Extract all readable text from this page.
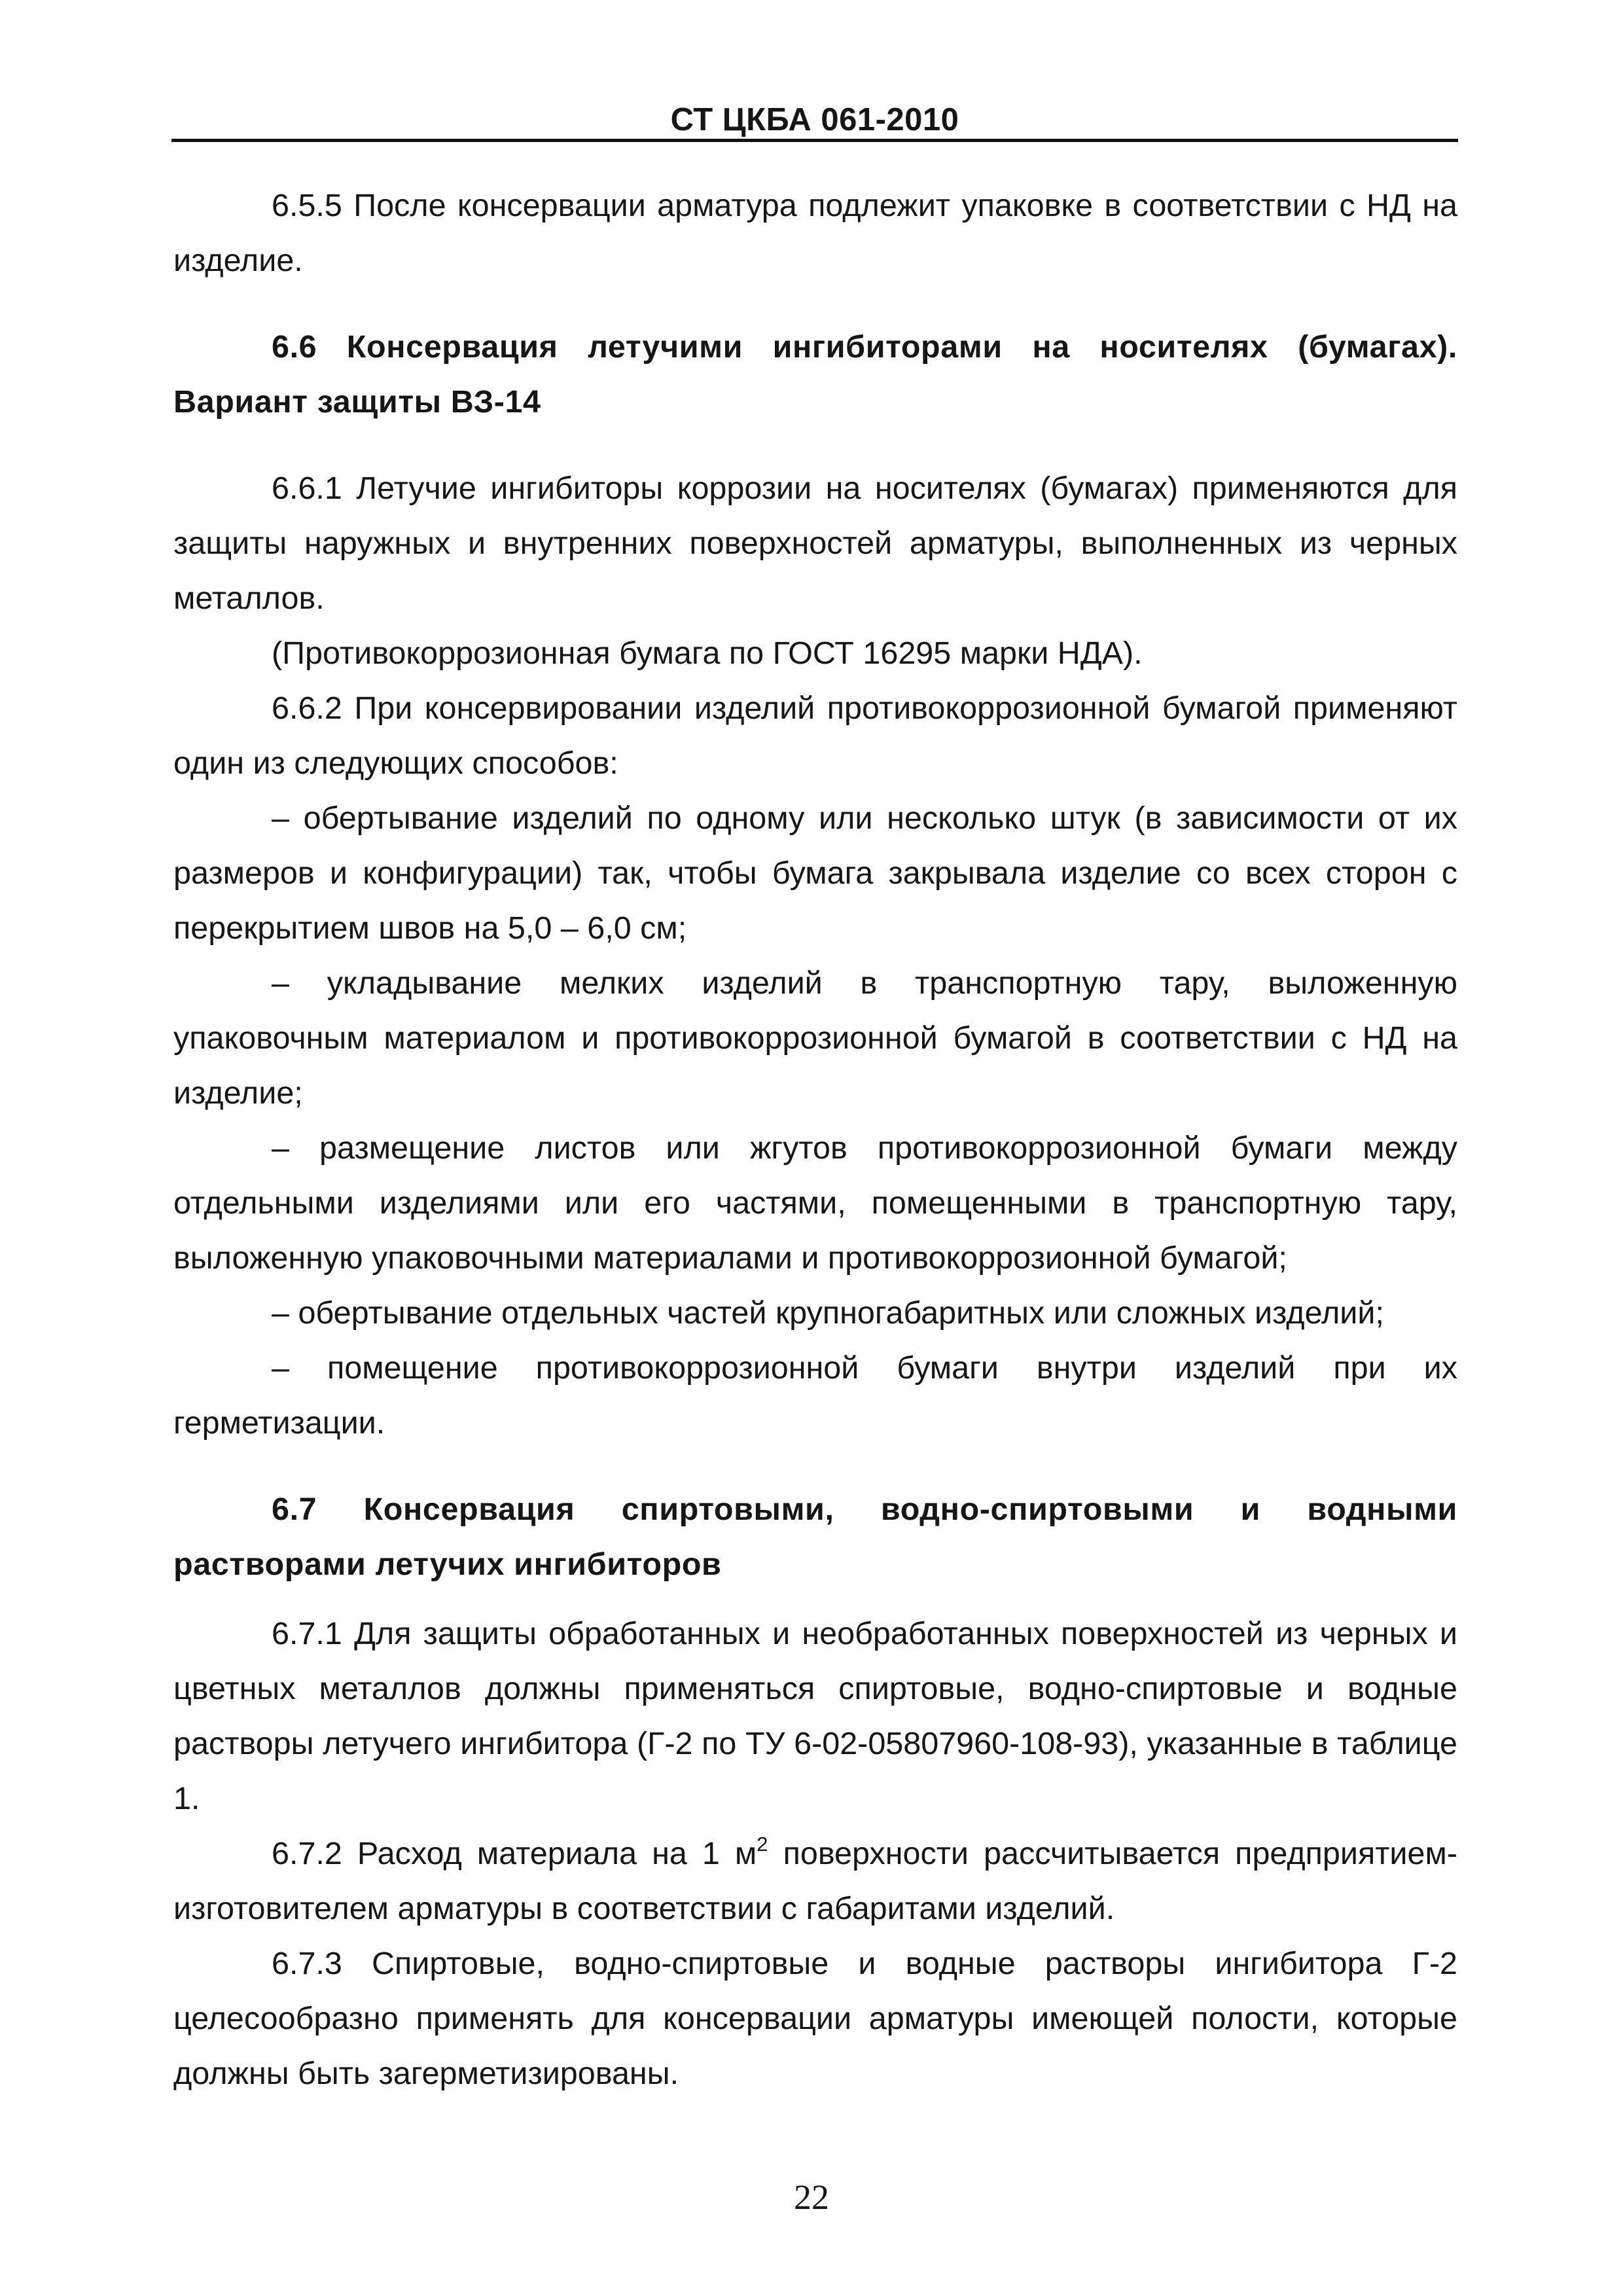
СТ ЦКБА 061-2010

6.5.5 После консервации арматура подлежит упаковке в соответствии с НД на изделие.

6.6 Консервация летучими ингибиторами на носителях (бумагах). Вариант защиты ВЗ-14

6.6.1 Летучие ингибиторы коррозии на носителях (бумагах) применяются для защиты наружных и внутренних поверхностей арматуры, выполненных из черных металлов.

(Противокоррозионная бумага по ГОСТ 16295 марки НДА).

6.6.2 При консервировании изделий противокоррозионной бумагой применяют один из следующих способов:

– обертывание изделий по одному или несколько штук (в зависимости от их размеров и конфигурации) так, чтобы бумага закрывала изделие со всех сторон с перекрытием швов на 5,0 – 6,0 см;

– укладывание мелких изделий в транспортную тару, выложенную упаковочным материалом и противокоррозионной бумагой в соответствии с НД на изделие;

– размещение листов или жгутов противокоррозионной бумаги между отдельными изделиями или его частями, помещенными в транспортную тару, выложенную упаковочными материалами и противокоррозионной бумагой;

– обертывание отдельных частей крупногабаритных или сложных изделий;

– помещение противокоррозионной бумаги внутри изделий при их герметизации.

6.7 Консервация спиртовыми, водно-спиртовыми и водными растворами летучих ингибиторов

6.7.1 Для защиты обработанных и необработанных поверхностей из черных и цветных металлов должны применяться спиртовые, водно-спиртовые и водные растворы летучего ингибитора (Г-2 по ТУ 6-02-05807960-108-93), указанные в таблице 1.

6.7.2 Расход материала на 1 $м^2$ поверхности рассчитывается предприятием-изготовителем арматуры в соответствии с габаритами изделий.

6.7.3 Спиртовые, водно-спиртовые и водные растворы ингибитора Г-2 целесообразно применять для консервации арматуры имеющей полости, которые должны быть загерметизированы.

22
